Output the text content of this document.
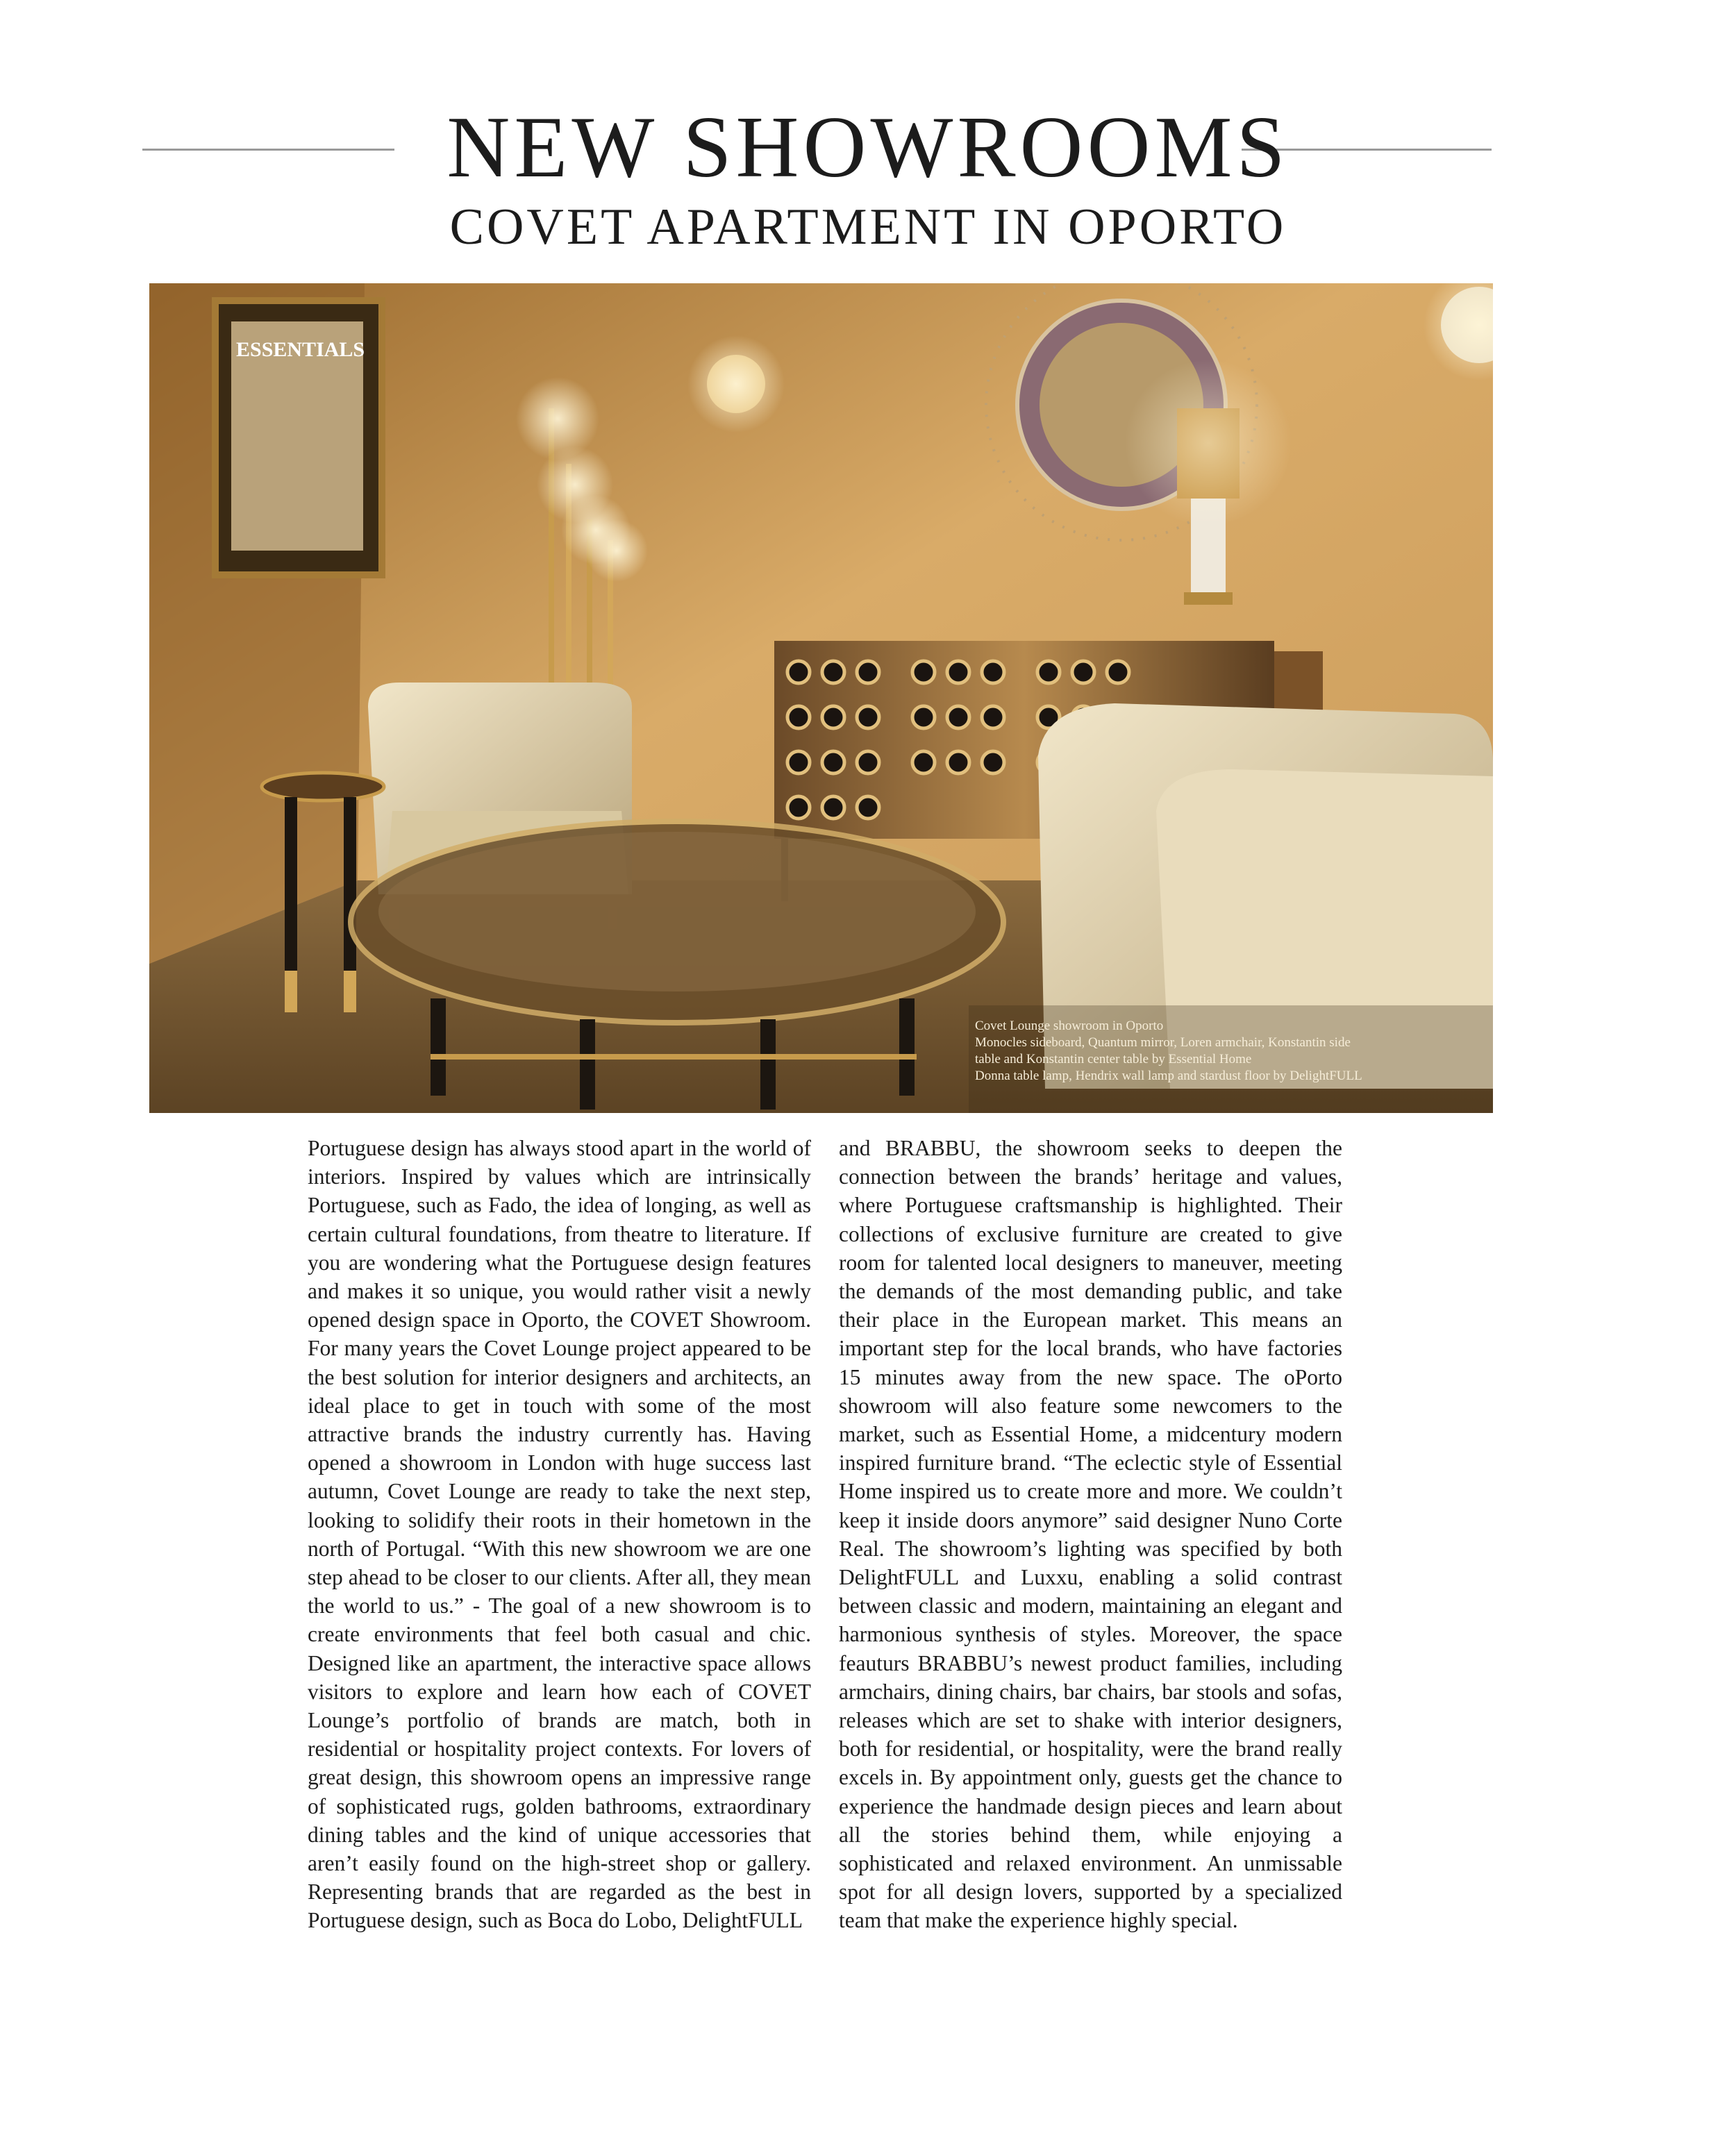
NEW SHOWROOMS
COVET APARTMENT IN OPORTO
ESSENTIALS
Covet Lounge showroom in Oporto
Monocles sideboard, Quantum mirror, Loren armchair, Konstantin side
table and Konstantin center table by Essential Home
Donna table lamp, Hendrix wall lamp and stardust floor by DelightFULL

Portuguese design has always stood apart in the world of interiors. Inspired by values which are intrinsically Portuguese, such as Fado, the idea of longing, as well as certain cultural foundations, from theatre to literature. If you are wondering what the Portuguese design features and makes it so unique, you would rather visit a newly opened design space in Oporto, the COVET Showroom. For many years the Covet Lounge project appeared to be the best solution for interior designers and architects, an ideal place to get in touch with some of the most attractive brands the industry currently has. Having opened a showroom in London with huge success last autumn, Covet Lounge are ready to take the next step, looking to solidify their roots in their hometown in the north of Portugal. “With this new showroom we are one step ahead to be closer to our clients. After all, they mean the world to us.” - The goal of a new showroom is to create environments that feel both casual and chic. Designed like an apartment, the interactive space allows visitors to explore and learn how each of COVET Lounge’s portfolio of brands are match, both in residential or hospitality project contexts. For lovers of great design, this showroom opens an impressive range of sophisticated rugs, golden bathrooms, extraordinary dining tables and the kind of unique accessories that aren’t easily found on the high-street shop or gallery. Representing brands that are regarded as the best in Portuguese design, such as Boca do Lobo, DelightFULL

and BRABBU, the showroom seeks to deepen the connection between the brands’ heritage and values, where Portuguese craftsmanship is highlighted. Their collections of exclusive furniture are created to give room for talented local designers to maneuver, meeting the demands of the most demanding public, and take their place in the European market. This means an important step for the local brands, who have factories 15 minutes away from the new space. The oPorto showroom will also feature some newcomers to the market, such as Essential Home, a midcentury modern inspired furniture brand. “The eclectic style of Essential Home inspired us to create more and more. We couldn’t keep it inside doors anymore” said designer Nuno Corte Real. The showroom’s lighting was specified by both DelightFULL and Luxxu, enabling a solid contrast between classic and modern, maintaining an elegant and harmonious synthesis of styles. Moreover, the space feauturs BRABBU’s newest product families, including armchairs, dining chairs, bar chairs, bar stools and sofas, releases which are set to shake with interior designers, both for residential, or hospitality, were the brand really excels in. By appointment only, guests get the chance to experience the handmade design pieces and learn about all the stories behind them, while enjoying a sophisticated and relaxed environment. An unmissable spot for all design lovers, supported by a specialized team that make the experience highly special.
